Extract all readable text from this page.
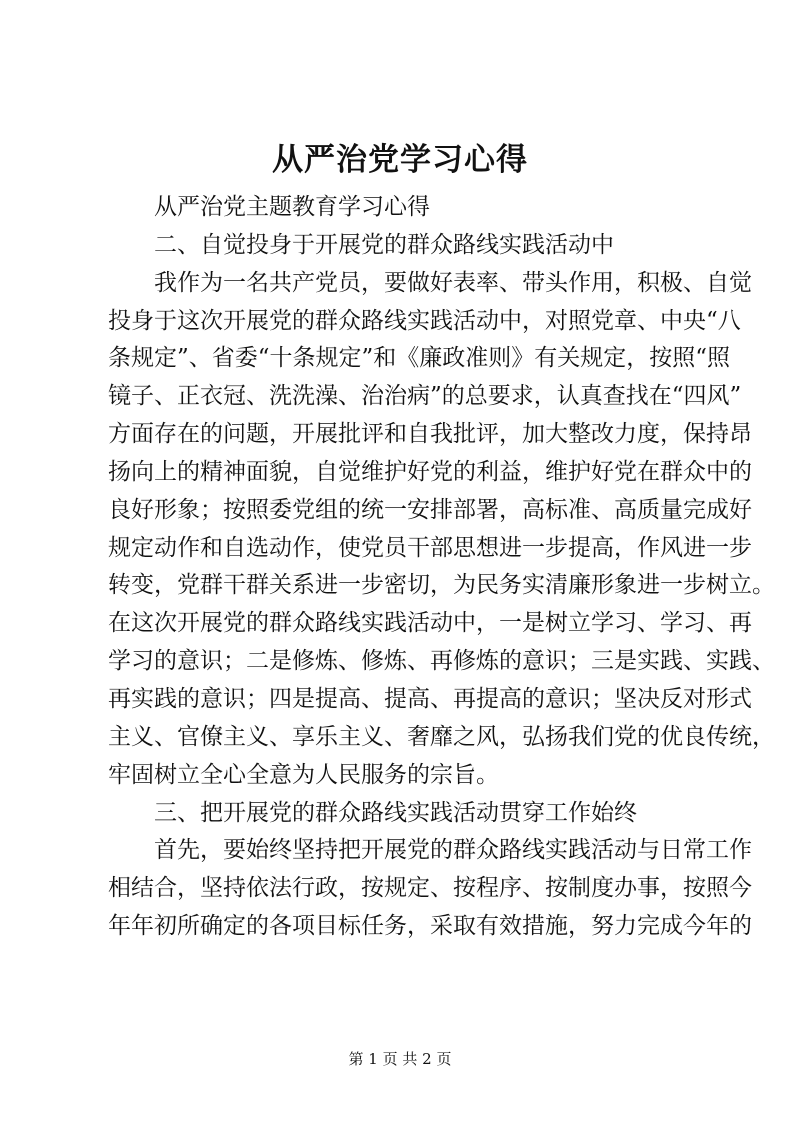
从严治党学习心得
　　从严治党主题教育学习心得
　　二、自觉投身于开展党的群众路线实践活动中
　　我作为一名共产党员，要做好表率、带头作用，积极、自觉
投身于这次开展党的群众路线实践活动中，对照党章、中央“八
条规定”、省委“十条规定”和《廉政准则》有关规定，按照“照
镜子、正衣冠、洗洗澡、治治病”的总要求，认真查找在“四风”
方面存在的问题，开展批评和自我批评，加大整改力度，保持昂
扬向上的精神面貌，自觉维护好党的利益，维护好党在群众中的
良好形象；按照委党组的统一安排部署，高标准、高质量完成好
规定动作和自选动作，使党员干部思想进一步提高，作风进一步
转变，党群干群关系进一步密切，为民务实清廉形象进一步树立。
在这次开展党的群众路线实践活动中，一是树立学习、学习、再
学习的意识；二是修炼、修炼、再修炼的意识；三是实践、实践、
再实践的意识；四是提高、提高、再提高的意识；坚决反对形式
主义、官僚主义、享乐主义、奢靡之风，弘扬我们党的优良传统，
牢固树立全心全意为人民服务的宗旨。
　　三、把开展党的群众路线实践活动贯穿工作始终
　　首先，要始终坚持把开展党的群众路线实践活动与日常工作
相结合，坚持依法行政，按规定、按程序、按制度办事，按照今
年年初所确定的各项目标任务，采取有效措施，努力完成今年的
第 1 页 共 2 页
